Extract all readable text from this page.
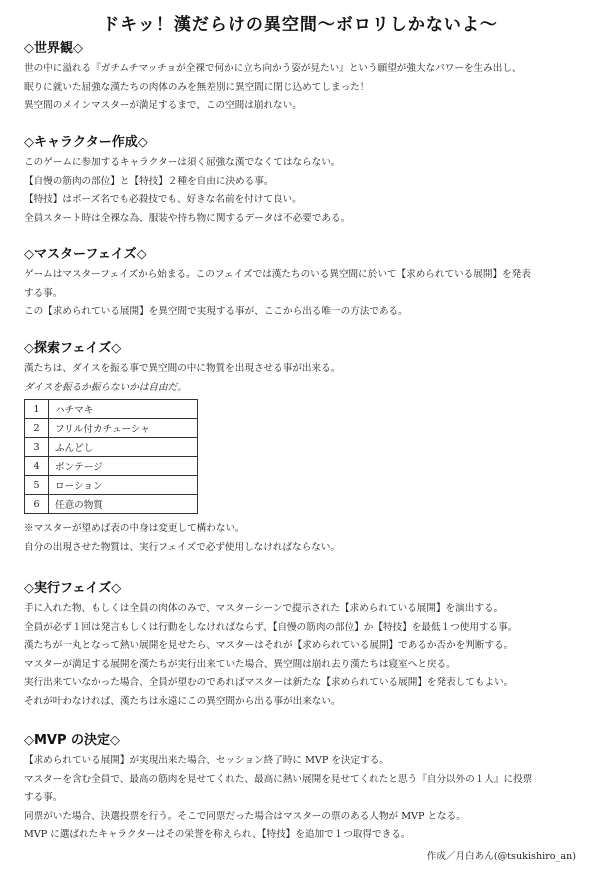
ドキッ！漢だらけの異空間～ボロリしかないよ～
◇世界観◇
世の中に溢れる『ガチムチマッチョが全裸で何かに立ち向かう姿が見たい』という願望が強大なパワーを生み出し、
眠りに就いた屈強な漢たちの肉体のみを無差別に異空間に閉じ込めてしまった！
異空間のメインマスターが満足するまで、この空間は崩れない。
◇キャラクター作成◇
このゲームに参加するキャラクターは須く屈強な漢でなくてはならない。
【自慢の筋肉の部位】と【特技】２種を自由に決める事。
【特技】はポーズ名でも必殺技でも、好きな名前を付けて良い。
全員スタート時は全裸な為、服装や持ち物に関するデータは不必要である。
◇マスターフェイズ◇
ゲームはマスターフェイズから始まる。このフェイズでは漢たちのいる異空間に於いて【求められている展開】を発表
する事。
この【求められている展開】を異空間で実現する事が、ここから出る唯一の方法である。
◇探索フェイズ◇
漢たちは、ダイスを振る事で異空間の中に物質を出現させる事が出来る。
ダイスを振るか振らないかは自由だ。
1	ハチマキ
2	フリル付カチューシャ
3	ふんどし
4	ボンテージ
5	ローション
6	任意の物質
※マスターが望めば表の中身は変更して構わない。
自分の出現させた物質は、実行フェイズで必ず使用しなければならない。
◇実行フェイズ◇
手に入れた物、もしくは全員の肉体のみで、マスターシーンで提示された【求められている展開】を演出する。
全員が必ず１回は発言もしくは行動をしなければならず、【自慢の筋肉の部位】か【特技】を最低１つ使用する事。
漢たちが一丸となって熱い展開を見せたら、マスターはそれが【求められている展開】であるか否かを判断する。
マスターが満足する展開を漢たちが実行出来ていた場合、異空間は崩れ去り漢たちは寝室へと戻る。
実行出来ていなかった場合、全員が望むのであればマスターは新たな【求められている展開】を発表してもよい。
それが叶わなければ、漢たちは永遠にこの異空間から出る事が出来ない。
◇MVP の決定◇
【求められている展開】が実現出来た場合、セッション終了時に MVP を決定する。
マスターを含む全員で、最高の筋肉を見せてくれた、最高に熱い展開を見せてくれたと思う『自分以外の１人』に投票
する事。
同票がいた場合、決選投票を行う。そこで同票だった場合はマスターの票のある人物が MVP となる。
MVP に選ばれたキャラクターはその栄誉を称えられ、【特技】を追加で１つ取得できる。
作成／月白あん(@tsukishiro_an)
